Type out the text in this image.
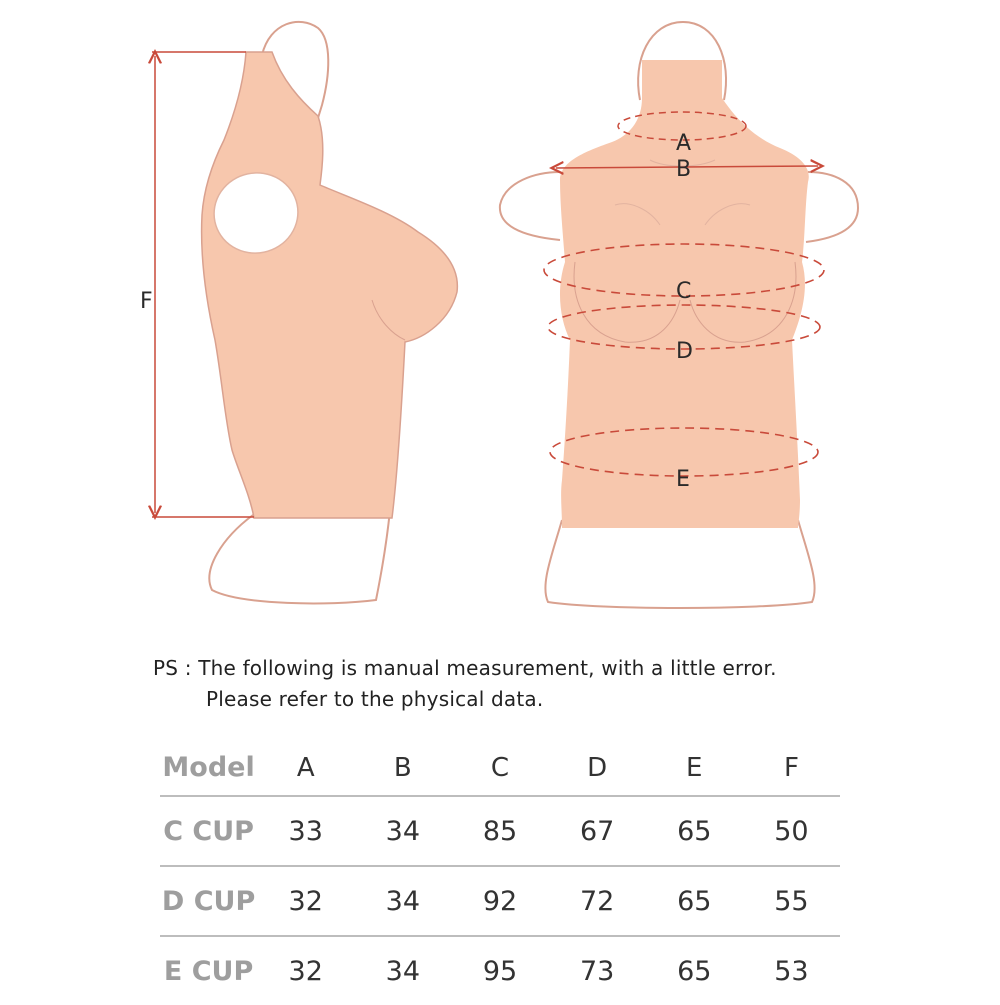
F
A
B
C
D
E
PS : The following is manual measurement, with a little error.
Please refer to the physical data.
Model	A	B	C	D	E	F
C CUP	33	34	85	67	65	50
D CUP	32	34	92	72	65	55
E CUP	32	34	95	73	65	53
